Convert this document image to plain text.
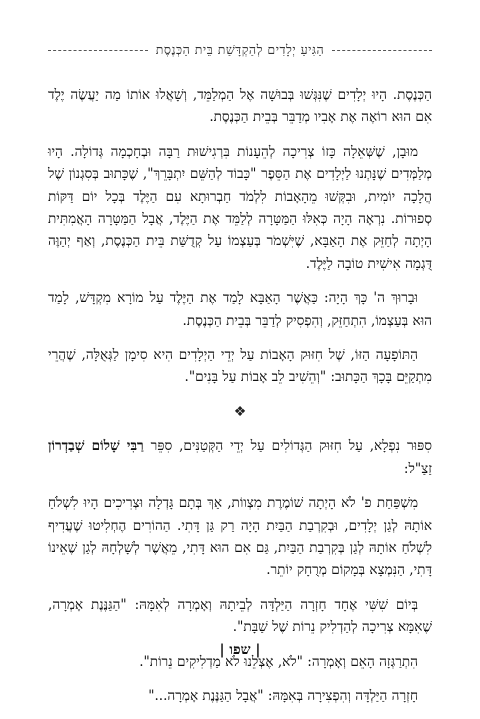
הַגִּיעַ יְלָדִים לְהַקְדָּשַׁת בֵּית הַכְּנֶסֶת

הַכְּנֶסֶת. הָיוּ יְלָדִים שֶׁנִּגְּשׁוּ בְּבוּשָׁה אֶל הַמְלַמֵּד, וְשָׁאֲלוּ אוֹתוֹ מַה יַעֲשֶׂה יֶלֶד אִם הוּא רוֹאֶה אֶת אָבִיו מְדַבֵּר בְּבֵית הַכְּנֶסֶת.

מוּבָן, שֶׁשְּׁאֵלָה כָּזוֹ צְרִיכָה לְהֵעָנוֹת בִּרְגִישׁוּת רַבָּה וּבְחָכְמָה גְּדוֹלָה. הָיוּ מְלַמְּדִים שֶׁנָּתְנוּ לַיְלָדִים אֶת הַסֵּפֶר "כָּבוֹד לְהַשֵּׁם יִתְבָּרֵךְ", שֶׁכָּתוּב בְּסִגְנוֹן שֶׁל הֲלָכָה יוֹמִית, וּבִקְּשׁוּ מֵהָאָבוֹת לִלְמֹד חַבְרוּתָא עִם הַיֶּלֶד בְּכָל יוֹם דַּקּוֹת סְפוּרוֹת. נִרְאָה הָיָה כְּאִלּוּ הַמַּטָּרָה לְלַמֵּד אֶת הַיֶּלֶד, אֲבָל הַמַּטָּרָה הָאֲמִתִּית הָיְתָה לְחַזֵּק אֶת הָאַבָּא, שֶׁיִּשְׁמֹר בְּעַצְמוֹ עַל קְדֻשַּׁת בֵּית הַכְּנֶסֶת, וְאַף יְהַוֶּה דֻּגְמָה אִישִׁית טוֹבָה לַיֶּלֶד.

וּבָרוּךְ ה' כָּךְ הָיָה: כַּאֲשֶׁר הָאַבָּא לָמַד אֶת הַיֶּלֶד עַל מוֹרָא מִקְדָּשׁ, לָמַד הוּא בְּעַצְמוֹ, הִתְחַזֵּק, וְהִפְסִיק לְדַבֵּר בְּבֵית הַכְּנֶסֶת.

הַתּוֹפָעָה הַזּוֹ, שֶׁל חִזּוּק הָאָבוֹת עַל יְדֵי הַיְלָדִים הִיא סִימָן לַגְּאֻלָּה, שֶׁהֲרֵי מִתְקַיֵּם בָּכָךְ הַכָּתוּב: "וְהֵשִׁיב לֵב אָבוֹת עַל בָּנִים".

❖

סִפּוּר נִפְלָא, עַל חִזּוּק הַגְּדוֹלִים עַל יְדֵי הַקְּטַנִּים, סִפֵּר רַבִּי שָׁלוֹם שְׁבַדְרוֹן זַצַ"ל:

מִשְׁפַּחַת פ' לֹא הָיְתָה שׁוֹמֶרֶת מִצְווֹת, אַךְ בְּתָם גָּדְלָה וּצְרִיכִים הָיוּ לִשְׁלֹחַ אוֹתָהּ לְגַן יְלָדִים, וּבְקִרְבַת הַבַּיִת הָיָה רַק גַּן דָּתִי. הַהוֹרִים הֶחְלִיטוּ שֶׁעֲדִיף לִשְׁלֹחַ אוֹתָהּ לְגַן בְּקִרְבַת הַבַּיִת, גַּם אִם הוּא דָּתִי, מֵאֲשֶׁר לְשָׁלְחָהּ לְגַן שֶׁאֵינוֹ דָּתִי, הַנִּמְצָא בְּמָקוֹם מְרֻחָק יוֹתֵר.

בְּיוֹם שִׁשִּׁי אֶחָד חָזְרָה הַיַּלְדָּה לְבֵיתָהּ וְאָמְרָה לְאִמָּהּ: "הַגַּנֶּנֶת אָמְרָה, שֶׁאִמָּא צְרִיכָה לְהַדְלִיק נֵרוֹת שֶׁל שַׁבָּת".

הִתְרַגְּזָה הָאֵם וְאָמְרָה: "לֹא, אֶצְלֵנוּ לֹא מַדְלִיקִים נֵרוֹת".

חָזְרָה הַיַּלְדָּה וְהִפְצִירָה בְּאִמָּהּ: "אֲבָל הַגַּנֶּנֶת אָמְרָה..."

| שפו |
